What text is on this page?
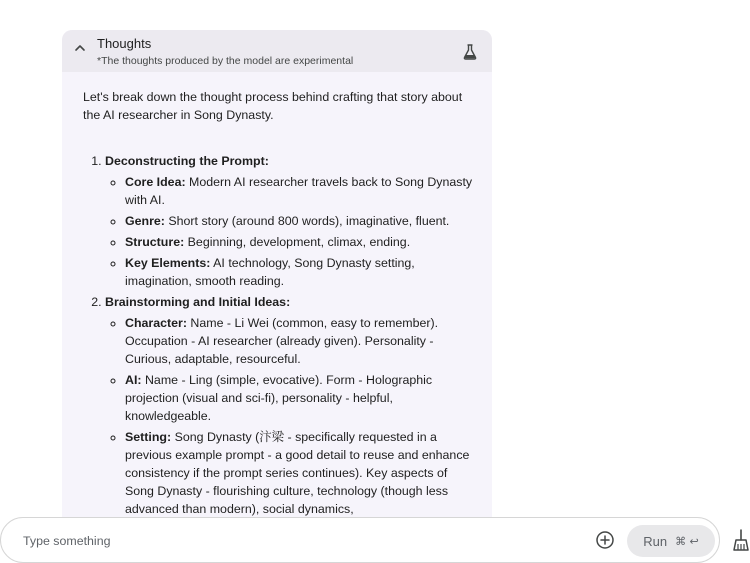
Thoughts
*The thoughts produced by the model are experimental

Let's break down the thought process behind crafting that story about the AI researcher in Song Dynasty.

1. Deconstructing the Prompt:
◦ Core Idea: Modern AI researcher travels back to Song Dynasty with AI.
◦ Genre: Short story (around 800 words), imaginative, fluent.
◦ Structure: Beginning, development, climax, ending.
◦ Key Elements: AI technology, Song Dynasty setting, imagination, smooth reading.
2. Brainstorming and Initial Ideas:
◦ Character: Name - Li Wei (common, easy to remember). Occupation - AI researcher (already given). Personality - Curious, adaptable, resourceful.
◦ AI: Name - Ling (simple, evocative). Form - Holographic projection (visual and sci-fi), personality - helpful, knowledgeable.
◦ Setting: Song Dynasty (汴梁 - specifically requested in a previous example prompt - a good detail to reuse and enhance consistency if the prompt series continues). Key aspects of Song Dynasty - flourishing culture, technology (though less advanced than modern), social dynamics,
Type something
Run ⌘ ↩
